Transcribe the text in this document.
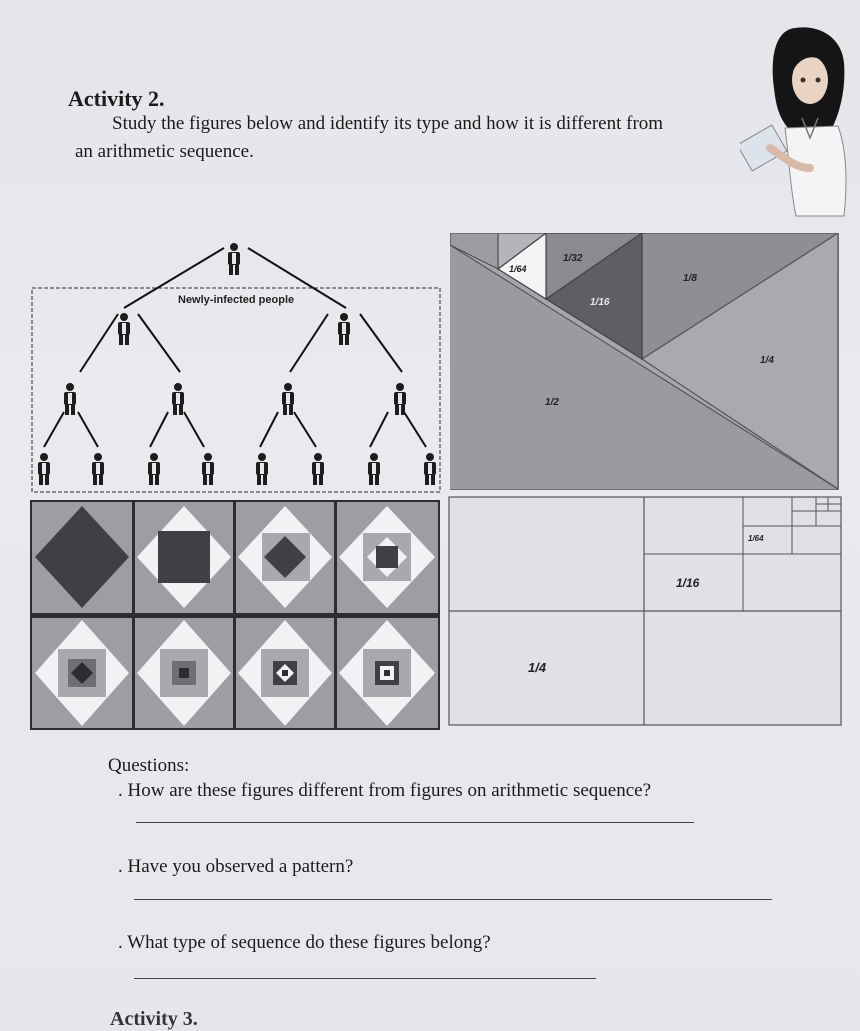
Activity 2.
Study the figures below and identify its type and how it is different from
an arithmetic sequence.
Newly-infected people
1/2
1/4
1/8
1/16
1/32
1/64
1/4
1/16
1/64
Questions:
. How are these figures different from figures on arithmetic sequence?
. Have you observed a pattern?
. What type of sequence do these figures belong?
Activity 3.
